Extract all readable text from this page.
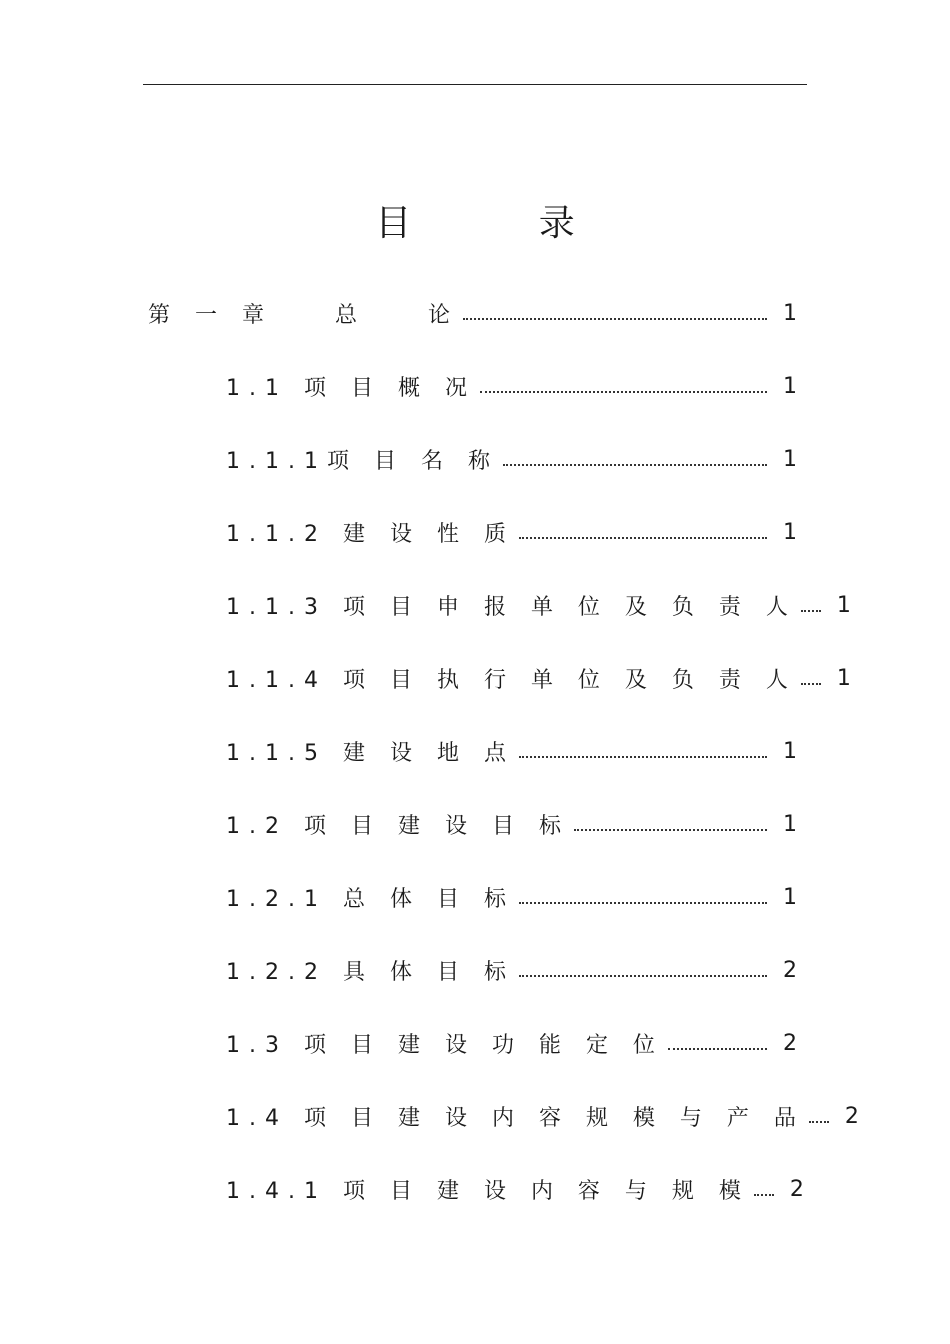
目 录
第 一 章　　总　　论	1
1.1 项 目 概 况	1
1.1.1项 目 名 称	1
1.1.2 建 设 性 质	1
1.1.3 项 目 申 报 单 位 及 负 责 人 1
1.1.4 项 目 执 行 单 位 及 负 责 人 1
1.1.5 建 设 地 点	1
1.2 项 目 建 设 目 标	1
1.2.1 总 体 目 标	1
1.2.2 具 体 目 标	2
1.3 项 目 建 设 功 能 定 位	2
1.4 项 目 建 设 内 容 规 模 与 产 品 2
1.4.1 项 目 建 设 内 容 与 规 模 2
